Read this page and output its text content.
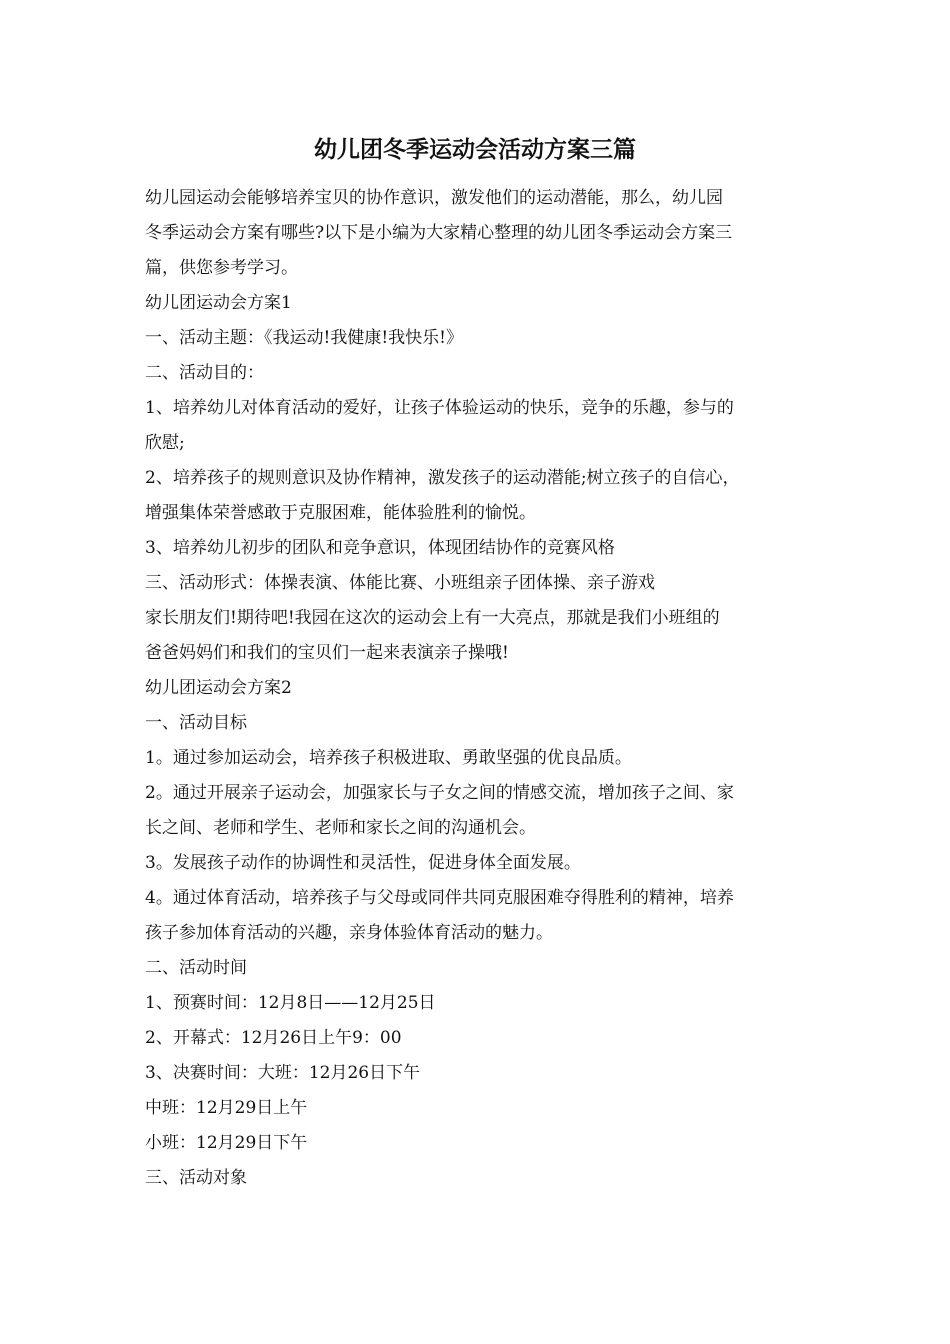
幼儿团冬季运动会活动方案三篇

幼儿园运动会能够培养宝贝的协作意识，激发他们的运动潜能，那么，幼儿园
冬季运动会方案有哪些?以下是小编为大家精心整理的幼儿团冬季运动会方案三
篇，供您参考学习。

幼儿团运动会方案1

一、活动主题：《我运动!我健康!我快乐!》

二、活动目的：

1、培养幼儿对体育活动的爱好，让孩子体验运动的快乐，竞争的乐趣，参与的
欣慰;

2、培养孩子的规则意识及协作精神，激发孩子的运动潜能;树立孩子的自信心，
增强集体荣誉感敢于克服困难，能体验胜利的愉悦。

3、培养幼儿初步的团队和竞争意识，体现团结协作的竞赛风格

三、活动形式：体操表演、体能比赛、小班组亲子团体操、亲子游戏

家长朋友们!期待吧!我园在这次的运动会上有一大亮点，那就是我们小班组的
爸爸妈妈们和我们的宝贝们一起来表演亲子操哦!

幼儿团运动会方案2

一、活动目标

1。通过参加运动会，培养孩子积极进取、勇敢坚强的优良品质。

2。通过开展亲子运动会，加强家长与子女之间的情感交流，增加孩子之间、家
长之间、老师和学生、老师和家长之间的沟通机会。

3。发展孩子动作的协调性和灵活性，促进身体全面发展。

4。通过体育活动，培养孩子与父母或同伴共同克服困难夺得胜利的精神，培养
孩子参加体育活动的兴趣，亲身体验体育活动的魅力。

二、活动时间

1、预赛时间：12月8日——12月25日

2、开幕式：12月26日上午9：00

3、决赛时间：大班：12月26日下午

中班：12月29日上午

小班：12月29日下午

三、活动对象
